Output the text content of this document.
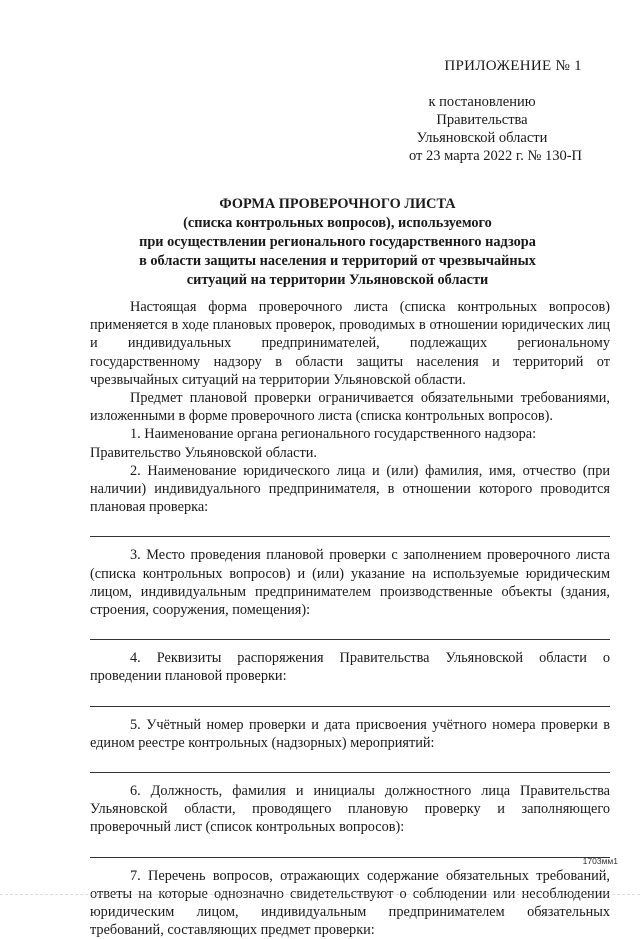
ПРИЛОЖЕНИЕ № 1
к постановлению Правительства
Ульяновской области
от 23 марта 2022 г. № 130-П
ФОРМА ПРОВЕРОЧНОГО ЛИСТА
(списка контрольных вопросов), используемого
при осуществлении регионального государственного надзора
в области защиты населения и территорий от чрезвычайных
ситуаций на территории Ульяновской области

Настоящая форма проверочного листа (списка контрольных вопросов) применяется в ходе плановых проверок, проводимых в отношении юридических лиц и индивидуальных предпринимателей, подлежащих региональному государственному надзору в области защиты населения и территорий от чрезвычайных ситуаций на территории Ульяновской области.

Предмет плановой проверки ограничивается обязательными требованиями, изложенными в форме проверочного листа (списка контрольных вопросов).

1. Наименование органа регионального государственного надзора:

Правительство Ульяновской области.

2. Наименование юридического лица и (или) фамилия, имя, отчество (при наличии) индивидуального предпринимателя, в отношении которого проводится плановая проверка:

3. Место проведения плановой проверки с заполнением проверочного листа (списка контрольных вопросов) и (или) указание на используемые юридическим лицом, индивидуальным предпринимателем производственные объекты (здания, строения, сооружения, помещения):

4. Реквизиты распоряжения Правительства Ульяновской области о проведении плановой проверки:

5. Учётный номер проверки и дата присвоения учётного номера проверки в едином реестре контрольных (надзорных) мероприятий:

6. Должность, фамилия и инициалы должностного лица Правительства Ульяновской области, проводящего плановую проверку и заполняющего проверочный лист (список контрольных вопросов):

7. Перечень вопросов, отражающих содержание обязательных требований, ответы на которые однозначно свидетельствуют о соблюдении или несоблюдении юридическим лицом, индивидуальным предпринимателем обязательных требований, составляющих предмет проверки:

1703мм1
